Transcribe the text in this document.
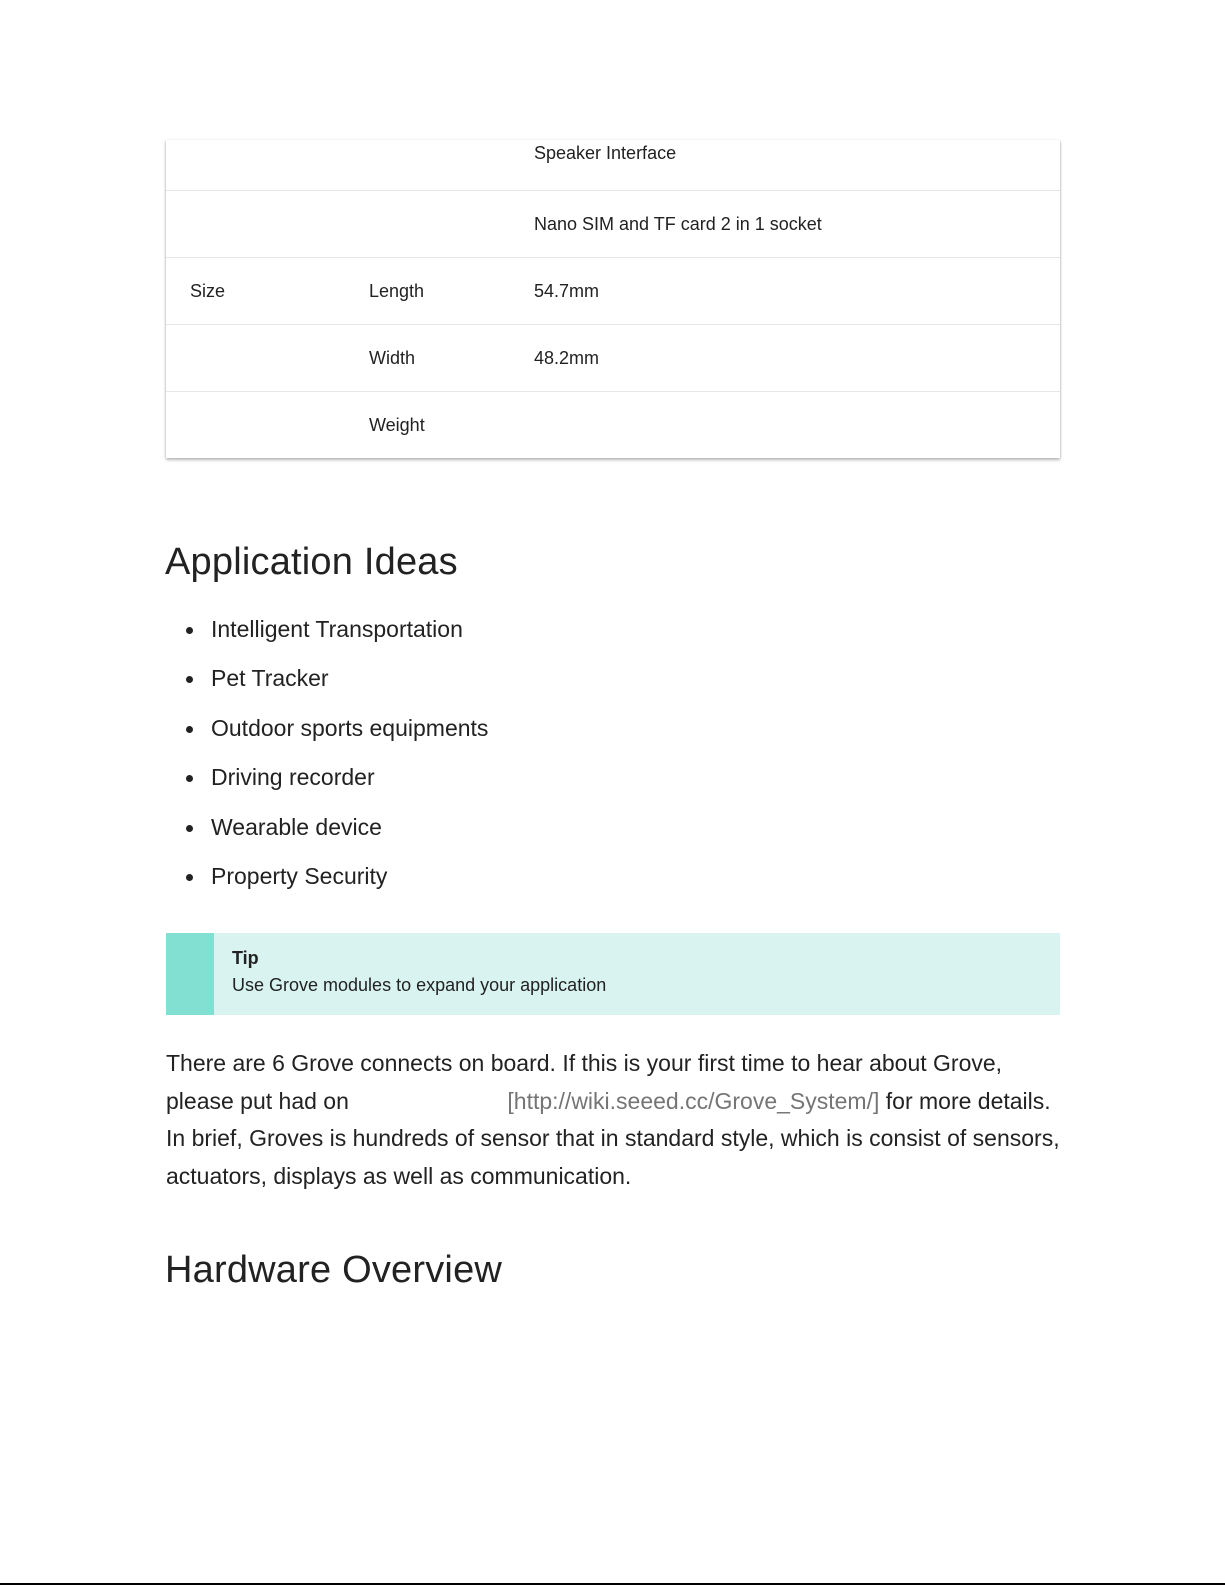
		Speaker Interface
		Nano SIM and TF card 2 in 1 socket
Size	Length	54.7mm
	Width	48.2mm
	Weight	
Application Ideas
Intelligent Transportation
Pet Tracker
Outdoor sports equipments
Driving recorder
Wearable device
Property Security
Tip
Use Grove modules to expand your application

There are 6 Grove connects on board. If this is your first time to hear about Grove, please put had on Grove System [http://wiki.seeed.cc/Grove_System/] for more details. In brief, Groves is hundreds of sensor that in standard style, which is consist of sensors, actuators, displays as well as communication.

Hardware Overview
